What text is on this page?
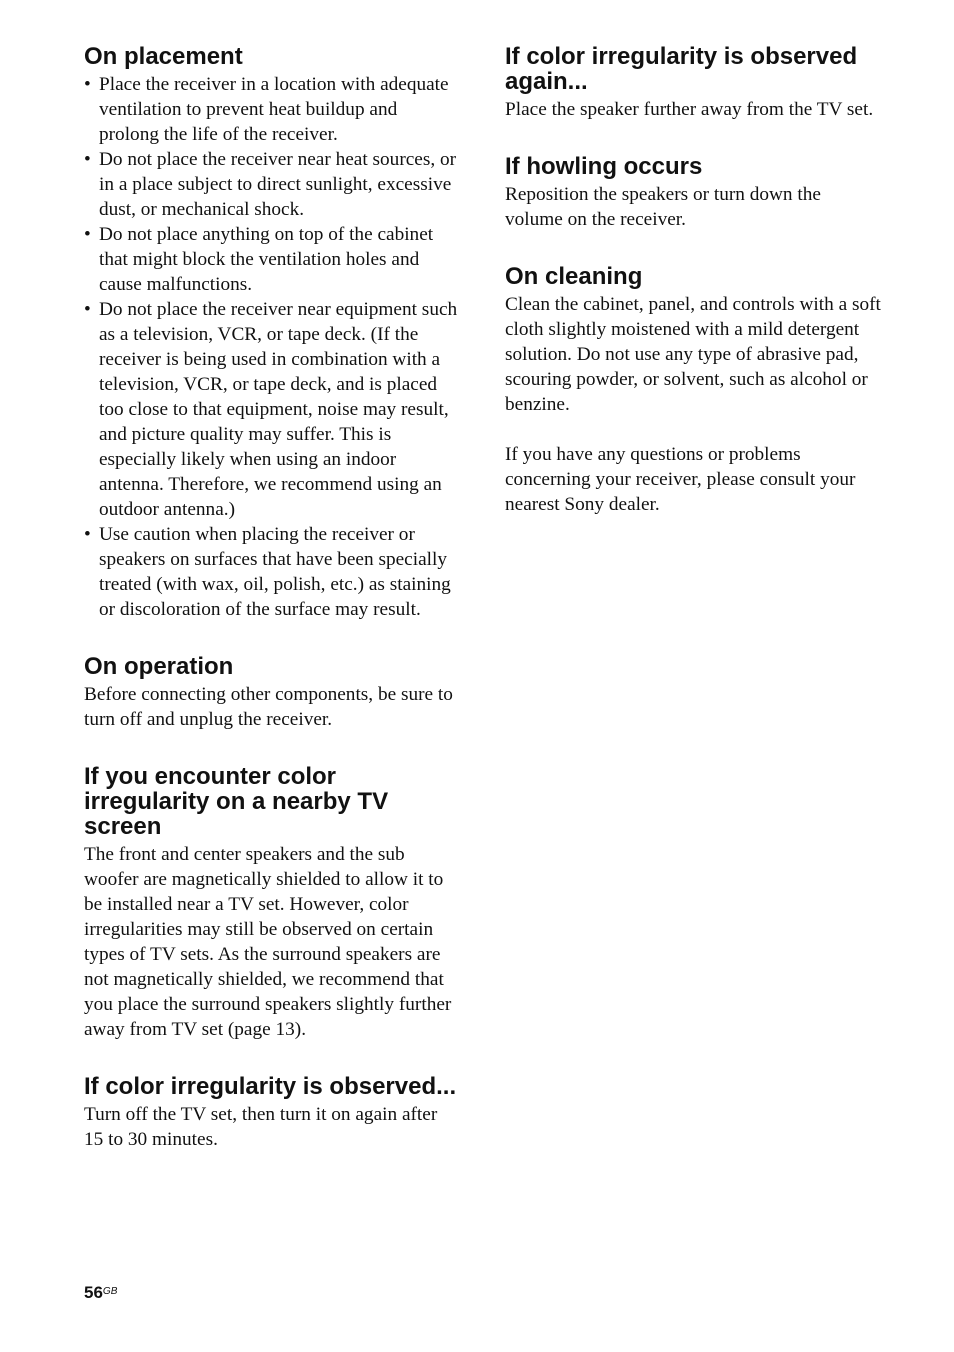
On placement
• Place the receiver in a location with adequate ventilation to prevent heat buildup and prolong the life of the receiver.
• Do not place the receiver near heat sources, or in a place subject to direct sunlight, excessive dust, or mechanical shock.
• Do not place anything on top of the cabinet that might block the ventilation holes and cause malfunctions.
• Do not place the receiver near equipment such as a television, VCR, or tape deck. (If the receiver is being used in combination with a television, VCR, or tape deck, and is placed too close to that equipment, noise may result, and picture quality may suffer. This is especially likely when using an indoor antenna. Therefore, we recommend using an outdoor antenna.)
• Use caution when placing the receiver or speakers on surfaces that have been specially treated (with wax, oil, polish, etc.) as staining or discoloration of the surface may result.
On operation

Before connecting other components, be sure to turn off and unplug the receiver.

If you encounter color irregularity on a nearby TV screen

The front and center speakers and the sub woofer are magnetically shielded to allow it to be installed near a TV set. However, color irregularities may still be observed on certain types of TV sets. As the surround speakers are not magnetically shielded, we recommend that you place the surround speakers slightly further away from TV set (page 13).

If color irregularity is observed...

Turn off the TV set, then turn it on again after 15 to 30 minutes.

If color irregularity is observed again...

Place the speaker further away from the TV set.

If howling occurs

Reposition the speakers or turn down the volume on the receiver.

On cleaning

Clean the cabinet, panel, and controls with a soft cloth slightly moistened with a mild detergent solution. Do not use any type of abrasive pad, scouring powder, or solvent, such as alcohol or benzine.

If you have any questions or problems concerning your receiver, please consult your nearest Sony dealer.

$56^{GB}$
